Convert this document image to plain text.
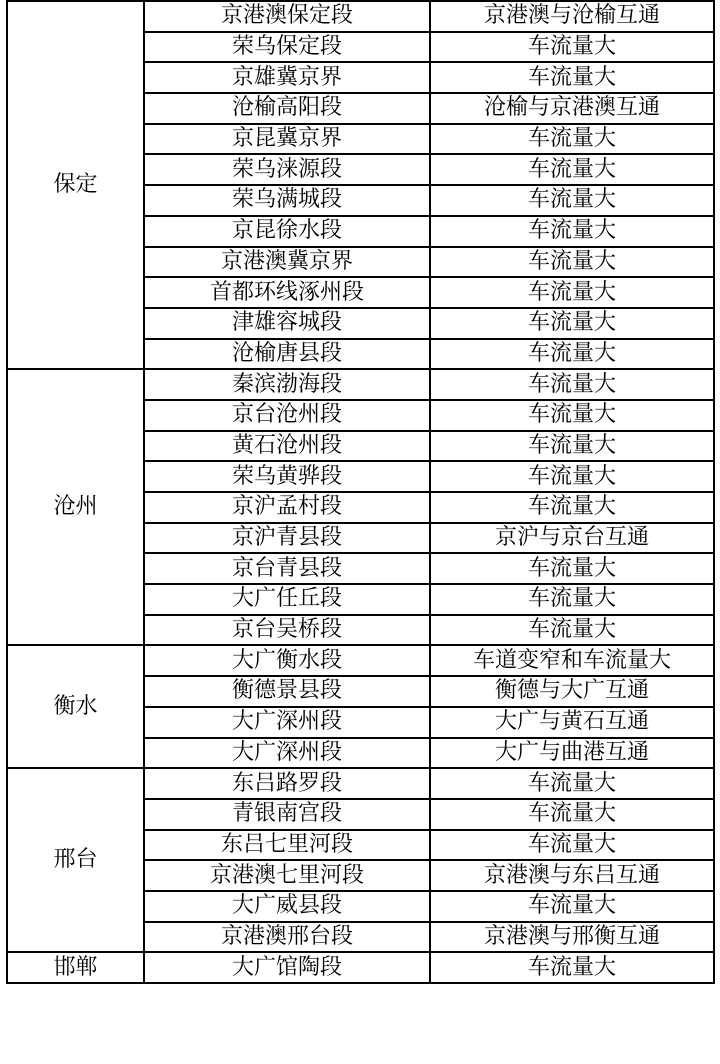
保定	京港澳保定段	京港澳与沧榆互通
	荣乌保定段	车流量大
	京雄冀京界	车流量大
	沧榆高阳段	沧榆与京港澳互通
	京昆冀京界	车流量大
	荣乌涞源段	车流量大
	荣乌满城段	车流量大
	京昆徐水段	车流量大
	京港澳冀京界	车流量大
	首都环线涿州段	车流量大
	津雄容城段	车流量大
	沧榆唐县段	车流量大
沧州	秦滨渤海段	车流量大
	京台沧州段	车流量大
	黄石沧州段	车流量大
	荣乌黄骅段	车流量大
	京沪孟村段	车流量大
	京沪青县段	京沪与京台互通
	京台青县段	车流量大
	大广任丘段	车流量大
	京台吴桥段	车流量大
衡水	大广衡水段	车道变窄和车流量大
	衡德景县段	衡德与大广互通
	大广深州段	大广与黄石互通
	大广深州段	大广与曲港互通
邢台	东吕路罗段	车流量大
	青银南宫段	车流量大
	东吕七里河段	车流量大
	京港澳七里河段	京港澳与东吕互通
	大广威县段	车流量大
	京港澳邢台段	京港澳与邢衡互通
邯郸	大广馆陶段	车流量大
